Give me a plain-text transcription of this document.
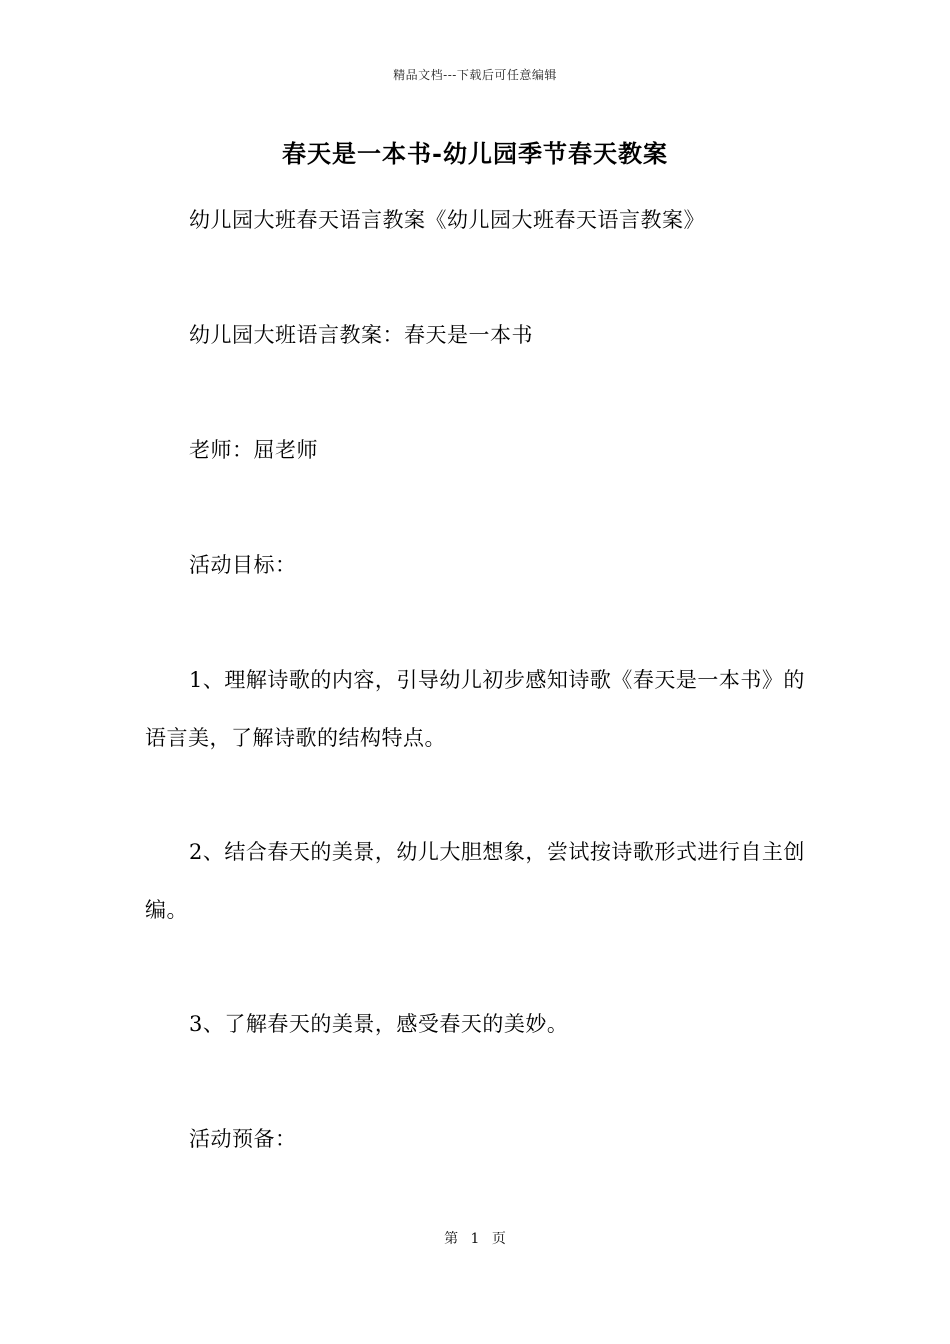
精品文档---下载后可任意编辑
春天是一本书-幼儿园季节春天教案

幼儿园大班春天语言教案《幼儿园大班春天语言教案》

幼儿园大班语言教案：春天是一本书

老师：屈老师

活动目标：

1、理解诗歌的内容，引导幼儿初步感知诗歌《春天是一本书》的语言美，了解诗歌的结构特点。

2、结合春天的美景，幼儿大胆想象，尝试按诗歌形式进行自主创编。

3、了解春天的美景，感受春天的美妙。

活动预备：

第 1 页
